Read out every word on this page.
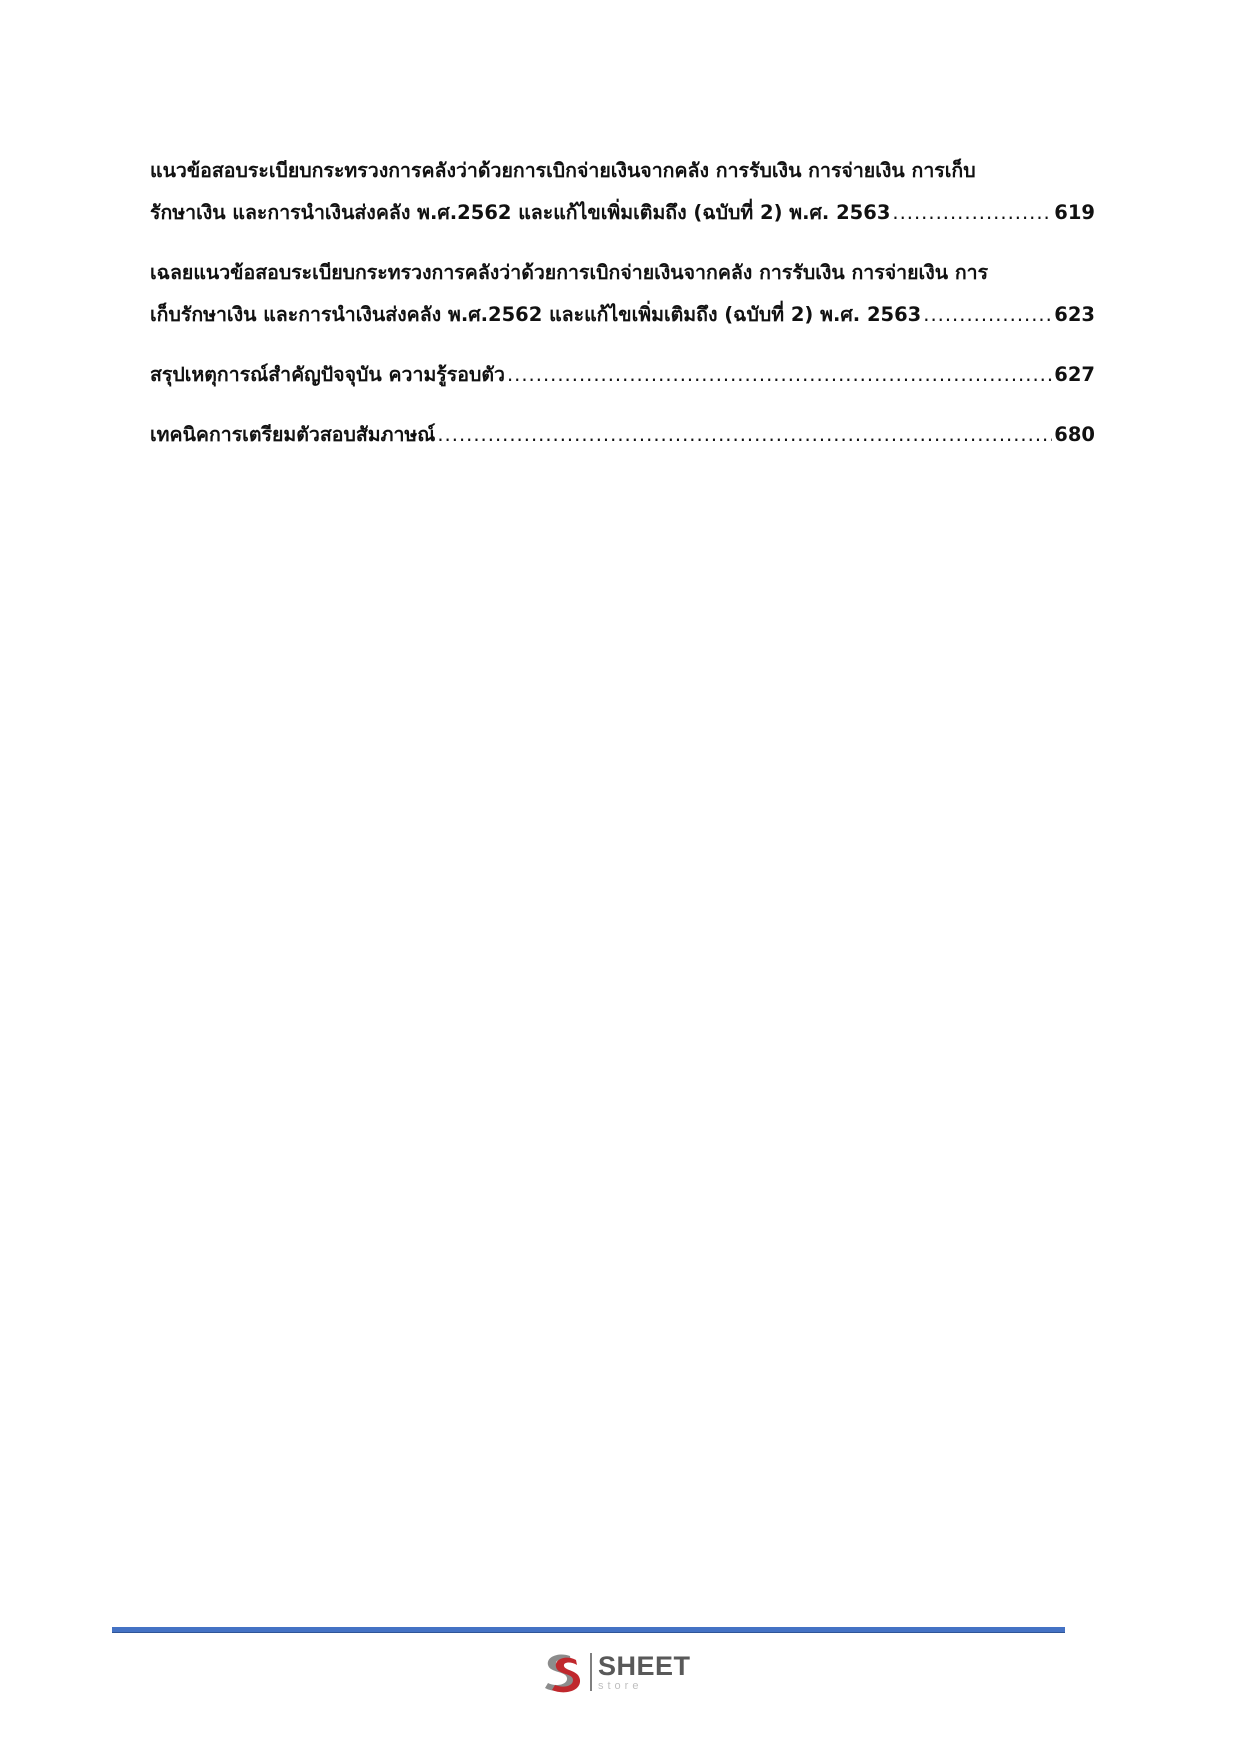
แนวข้อสอบระเบียบกระทรวงการคลังว่าด้วยการเบิกจ่ายเงินจากคลัง การรับเงิน การจ่ายเงิน การเก็บ
รักษาเงิน และการนำเงินส่งคลัง พ.ศ.2562 และแก้ไขเพิ่มเติมถึง (ฉบับที่ 2) พ.ศ. 2563 .....	619
เฉลยแนวข้อสอบระเบียบกระทรวงการคลังว่าด้วยการเบิกจ่ายเงินจากคลัง การรับเงิน การจ่ายเงิน การ
เก็บรักษาเงิน และการนำเงินส่งคลัง พ.ศ.2562 และแก้ไขเพิ่มเติมถึง (ฉบับที่ 2) พ.ศ. 2563 .....	623
สรุปเหตุการณ์สำคัญปัจจุบัน ความรู้รอบตัว .....	627
เทคนิคการเตรียมตัวสอบสัมภาษณ์ .....	680
SHEET
store
